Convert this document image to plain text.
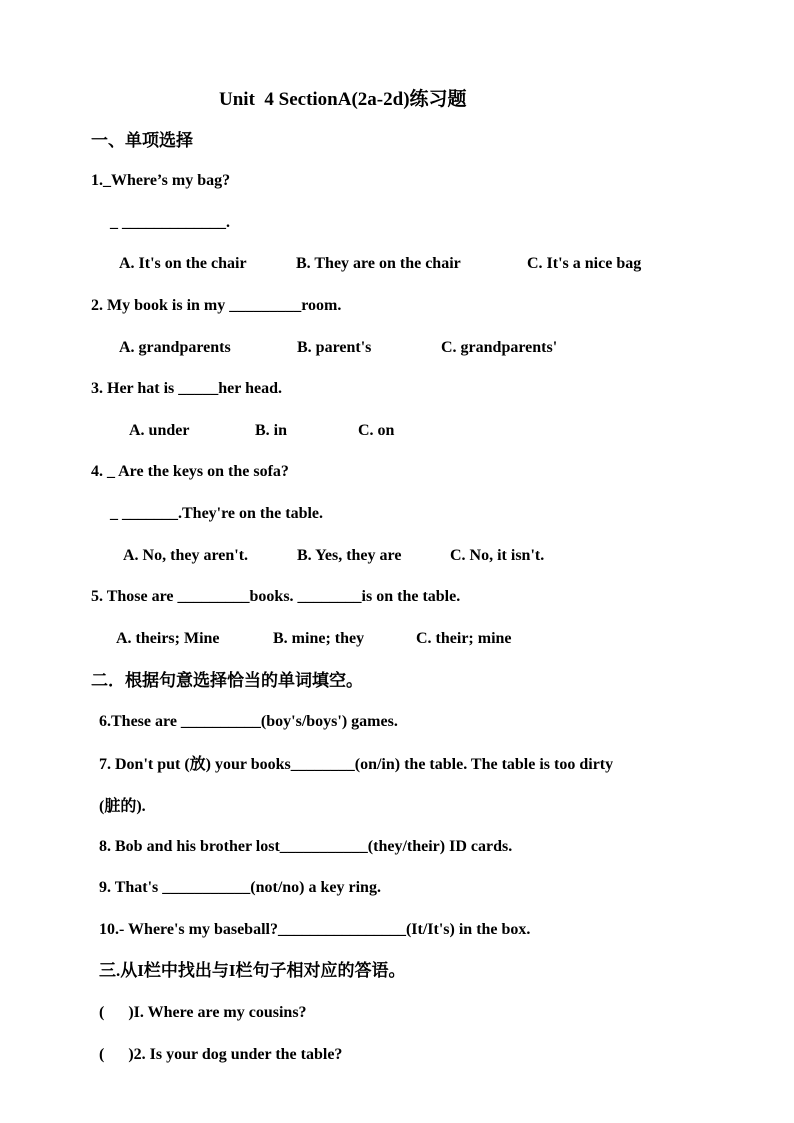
Unit  4 SectionA(2a-2d)练习题
一、单项选择
1._Where’s my bag?
_ _____________.
A. It's on the chair	B. They are on the chair	C. It's a nice bag
2. My book is in my _________room.
A. grandparents	B. parent's	C. grandparents'
3. Her hat is _____her head.
A. under	B. in	C. on
4. _ Are the keys on the sofa?
_ _______.They're on the table.
A. No, they aren't.	B. Yes, they are	C. No, it isn't.
5. Those are _________books. ________is on the table.
A. theirs; Mine	B. mine; they	C. their; mine
二．根据句意选择恰当的单词填空。
6.These are __________(boy's/boys') games.
7. Don't put (放) your books________(on/in) the table. The table is too dirty
(脏的).
8. Bob and his brother lost___________(they/their) ID cards.
9. That's ___________(not/no) a key ring.
10.- Where's my baseball?________________(It/It's) in the box.
三.从I栏中找出与I栏句子相对应的答语。
(      )I. Where are my cousins?
(      )2. Is your dog under the table?
